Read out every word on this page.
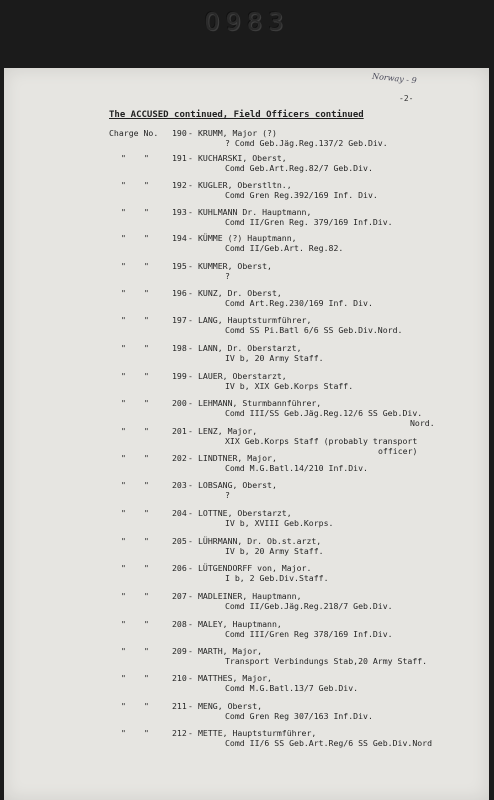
0983
Norway - 9
-2-
The ACCUSED continued, Field Officers continued
Charge No.	190 - KRUMM, Major (?)
? Comd Geb.Jäg.Reg.137/2 Geb.Div.
" "	191 - KUCHARSKI, Oberst,
Comd Geb.Art.Reg.82/7 Geb.Div.
" "	192 - KUGLER, Oberstltn.,
Comd Gren Reg.392/169 Inf. Div.
" "	193 - KUHLMANN Dr. Hauptmann,
Comd II/Gren Reg. 379/169 Inf.Div.
" "	194 - KÜMME (?) Hauptmann,
Comd II/Geb.Art. Reg.82.
" "	195 - KUMMER, Oberst,
?
" "	196 - KUNZ, Dr. Oberst,
Comd Art.Reg.230/169 Inf. Div.
" "	197 - LANG, Hauptsturmführer,
Comd SS Pi.Batl 6/6 SS Geb.Div.Nord.
" "	198 - LANN, Dr. Oberstarzt,
IV b, 20 Army Staff.
" "	199 - LAUER, Oberstarzt,
IV b, XIX Geb.Korps Staff.
" "	200 - LEHMANN, Sturmbannführer,
Comd III/SS Geb.Jäg.Reg.12/6 SS Geb.Div.
Nord.
" "	201 - LENZ, Major,
XIX Geb.Korps Staff (probably transport
officer)
" "	202 - LINDTNER, Major,
Comd M.G.Batl.14/210 Inf.Div.
" "	203 - LOBSANG, Oberst,
?
" "	204 - LOTTNE, Oberstarzt,
IV b, XVIII Geb.Korps.
" "	205 - LÜHRMANN, Dr. Ob.st.arzt,
IV b, 20 Army Staff.
" "	206 - LÜTGENDORFF von, Major.
I b, 2 Geb.Div.Staff.
" "	207 - MADLEINER, Hauptmann,
Comd II/Geb.Jäg.Reg.218/7 Geb.Div.
" "	208 - MALEY, Hauptmann,
Comd III/Gren Reg 378/169 Inf.Div.
" "	209 - MARTH, Major,
Transport Verbindungs Stab,20 Army Staff.
" "	210 - MATTHES, Major,
Comd M.G.Batl.13/7 Geb.Div.
" "	211 - MENG, Oberst,
Comd Gren Reg 307/163 Inf.Div.
" "	212 - METTE, Hauptsturmführer,
Comd II/6 SS Geb.Art.Reg/6 SS Geb.Div.Nord
